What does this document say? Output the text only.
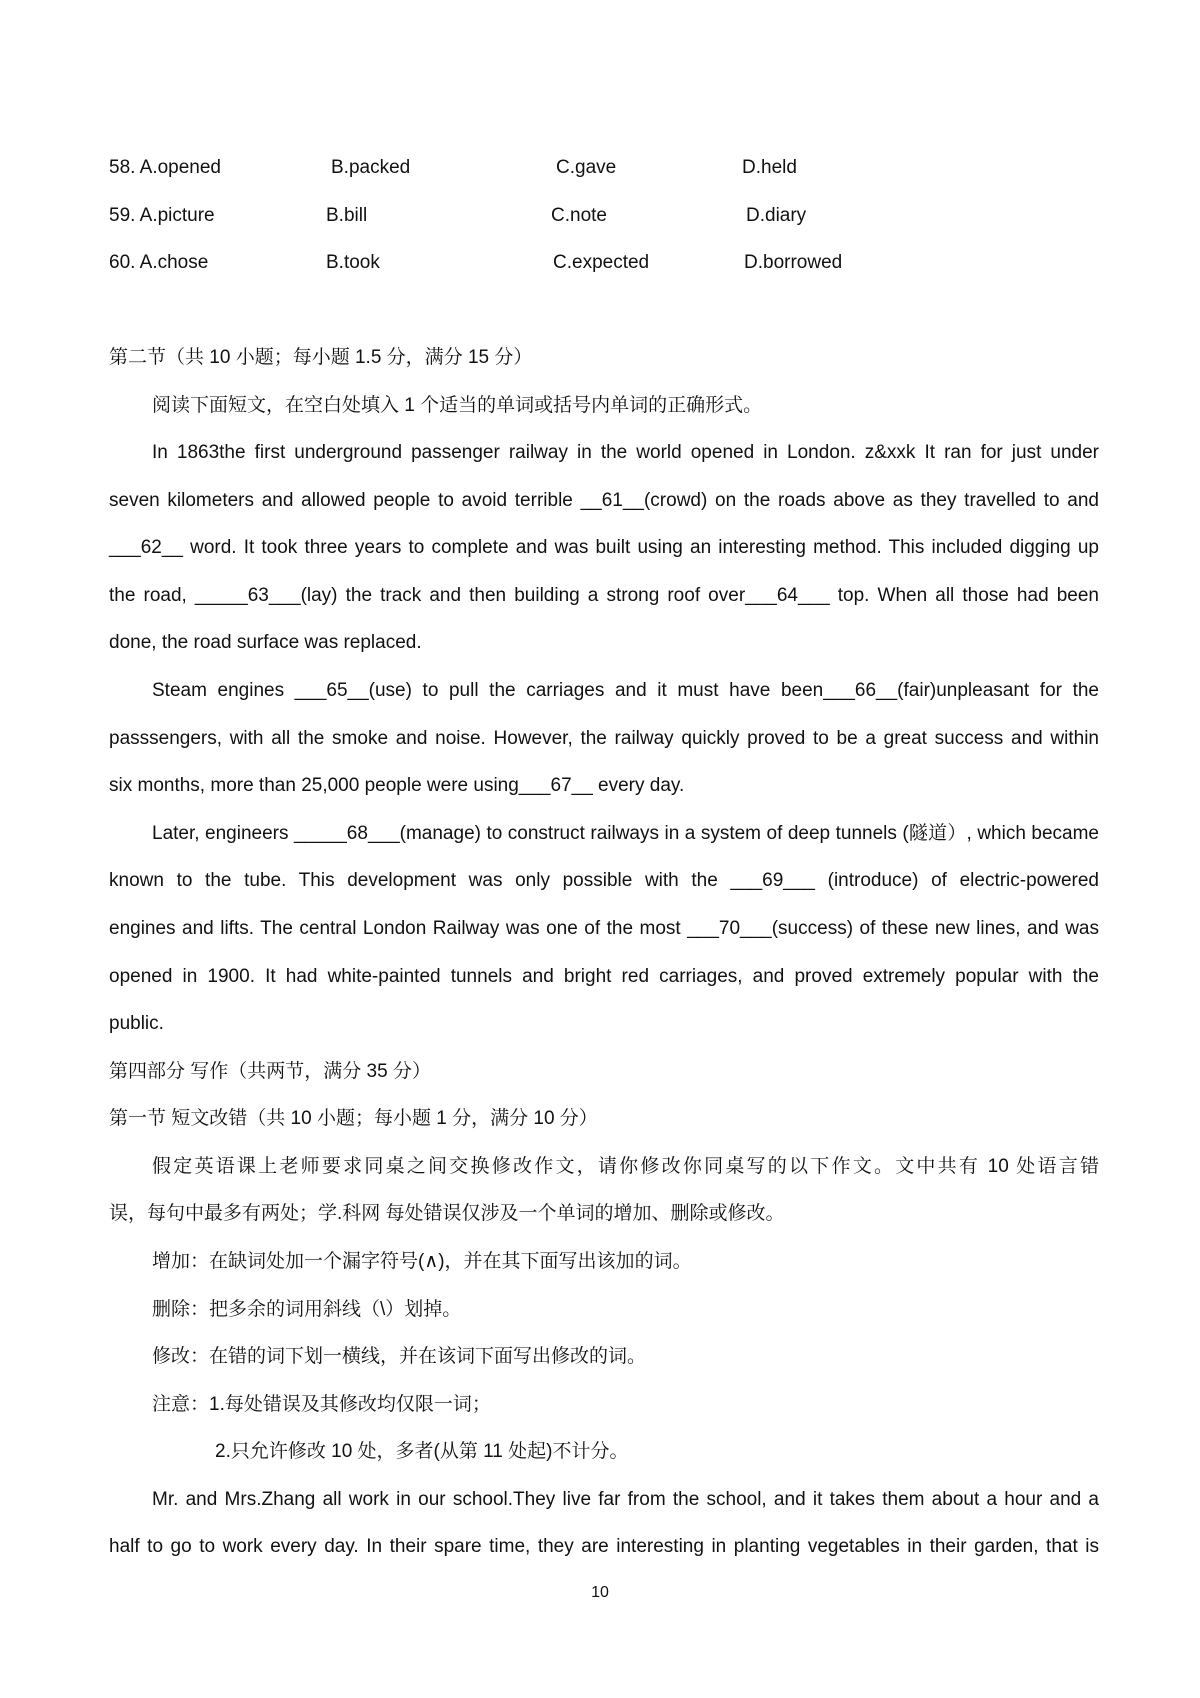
58. A.opened	B.packed	C.gave	D.held
59. A.picture	B.bill	C.note	D.diary
60. A.chose	B.took	C.expected	D.borrowed
第二节（共 10 小题；每小题 1.5 分，满分 15 分）
阅读下面短文，在空白处填入 1 个适当的单词或括号内单词的正确形式。
In 1863the first underground passenger railway in the world opened in London. z&xxk It ran for just under
seven kilometers and allowed people to avoid terrible __61__(crowd) on the roads above as they travelled to and
___62__ word. It took three years to complete and was built using an interesting method. This included digging up
the road, _____63___(lay) the track and then building a strong roof over___64___ top. When all those had been
done, the road surface was replaced.
Steam engines ___65__(use) to pull the carriages and it must have been___66__(fair)unpleasant for the
passsengers, with all the smoke and noise. However, the railway quickly proved to be a great success and within
six months, more than 25,000 people were using___67__ every day.
Later, engineers _____68___(manage) to construct railways in a system of deep tunnels (隧道）, which became
known to the tube. This development was only possible with the ___69___ (introduce) of electric-powered
engines and lifts. The central London Railway was one of the most ___70___(success) of these new lines, and was
opened in 1900. It had white-painted tunnels and bright red carriages, and proved extremely popular with the
public.
第四部分 写作（共两节，满分 35 分）
第一节 短文改错（共 10 小题；每小题 1 分，满分 10 分）
假定英语课上老师要求同桌之间交换修改作文，请你修改你同桌写的以下作文。文中共有 10 处语言错
误，每句中最多有两处；学.科网 每处错误仅涉及一个单词的增加、删除或修改。
增加：在缺词处加一个漏字符号(∧)，并在其下面写出该加的词。
删除：把多余的词用斜线（\）划掉。
修改：在错的词下划一横线，并在该词下面写出修改的词。
注意：1.每处错误及其修改均仅限一词；
2.只允许修改 10 处，多者(从第 11 处起)不计分。
Mr. and Mrs.Zhang all work in our school.They live far from the school, and it takes them about a hour and a
half to go to work every day. In their spare time, they are interesting in planting vegetables in their garden, that is
10
